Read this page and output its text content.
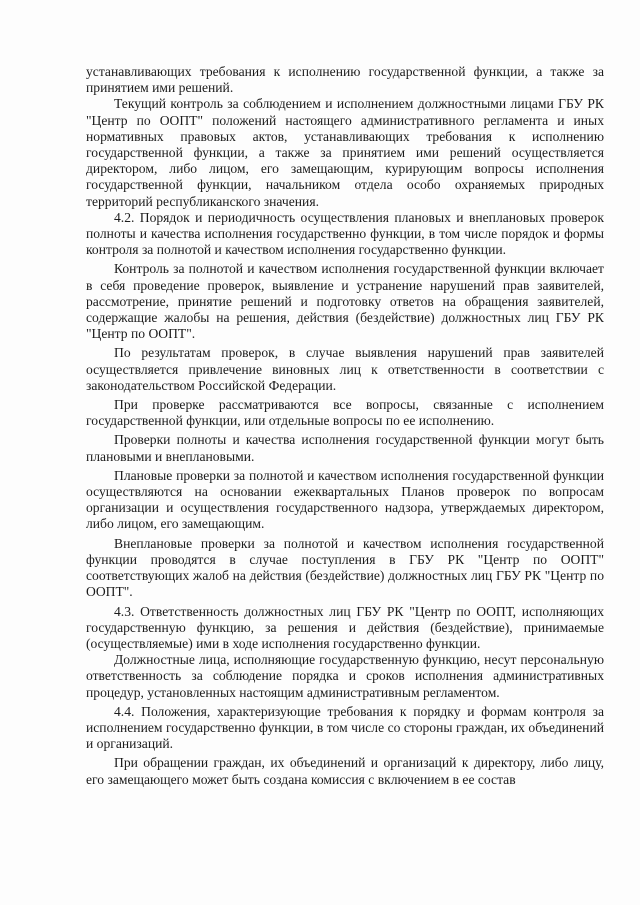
устанавливающих требования к исполнению государственной функции, а также за принятием ими решений.

Текущий контроль за соблюдением и исполнением должностными лицами ГБУ РК "Центр по ООПТ" положений настоящего административного регламента и иных нормативных правовых актов, устанавливающих требования к исполнению государственной функции, а также за принятием ими решений осуществляется директором, либо лицом, его замещающим, курирующим вопросы исполнения государственной функции, начальником отдела особо охраняемых природных территорий республиканского значения.

4.2. Порядок и периодичность осуществления плановых и внеплановых проверок полноты и качества исполнения государственно функции, в том числе порядок и формы контроля за полнотой и качеством исполнения государственно функции.

Контроль за полнотой и качеством исполнения государственной функции включает в себя проведение проверок, выявление и устранение нарушений прав заявителей, рассмотрение, принятие решений и подготовку ответов на обращения заявителей, содержащие жалобы на решения, действия (бездействие) должностных лиц ГБУ РК "Центр по ООПТ".

По результатам проверок, в случае выявления нарушений прав заявителей осуществляется привлечение виновных лиц к ответственности в соответствии с законодательством Российской Федерации.

При проверке рассматриваются все вопросы, связанные с исполнением государственной функции, или отдельные вопросы по ее исполнению.

Проверки полноты и качества исполнения государственной функции могут быть плановыми и внеплановыми.

Плановые проверки за полнотой и качеством исполнения государственной функции осуществляются на основании ежеквартальных Планов проверок по вопросам организации и осуществления государственного надзора, утверждаемых директором, либо лицом, его замещающим.

Внеплановые проверки за полнотой и качеством исполнения государственной функции проводятся в случае поступления в ГБУ РК "Центр по ООПТ" соответствующих жалоб на действия (бездействие) должностных лиц ГБУ РК "Центр по ООПТ".

4.3. Ответственность должностных лиц ГБУ РК "Центр по ООПТ, исполняющих государственную функцию, за решения и действия (бездействие), принимаемые (осуществляемые) ими в ходе исполнения государственно функции.

Должностные лица, исполняющие государственную функцию, несут персональную ответственность за соблюдение порядка и сроков исполнения административных процедур, установленных настоящим административным регламентом.

4.4. Положения, характеризующие требования к порядку и формам контроля за исполнением государственно функции, в том числе со стороны граждан, их объединений и организаций.

При обращении граждан, их объединений и организаций к директору, либо лицу, его замещающего может быть создана комиссия с включением в ее состав
